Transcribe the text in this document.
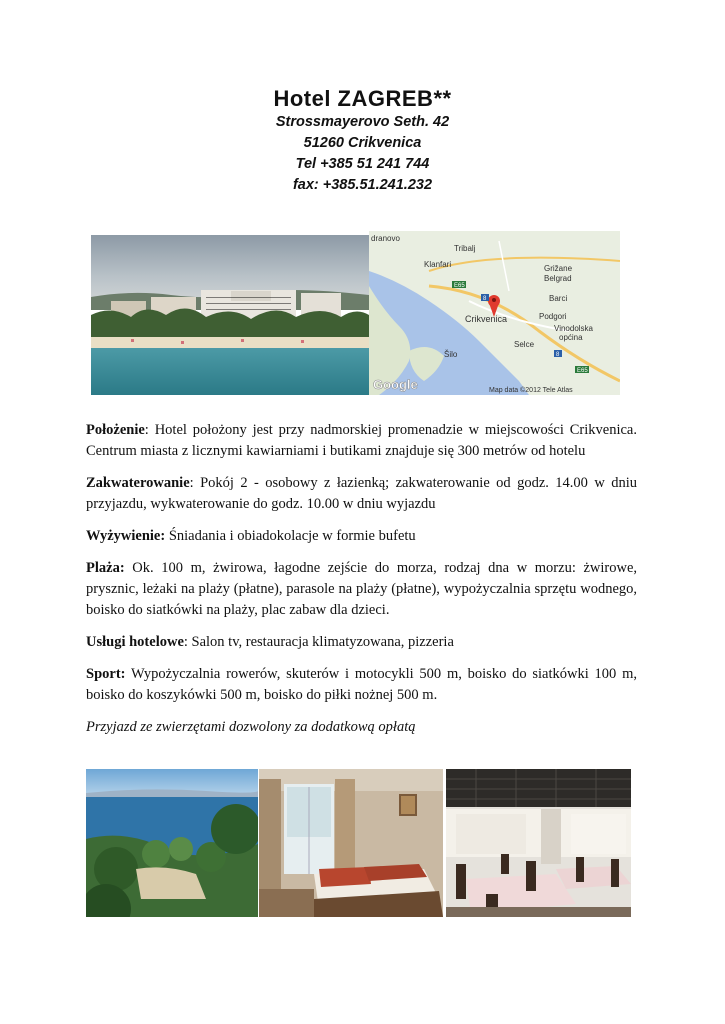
Hotel ZAGREB**
Strossmayerovo Seth. 42
51260 Crikvenica
Tel +385 51 241 744
fax: +385.51.241.232
dranovo
Tribalj
Klanfari	Grižane
Belgrad
Barci
Crikvenica	Podgori
Vinodolska
općina
Selce
Šilo
E65
8
8
E65
Google	Map data ©2012 Tele Atlas

Położenie: Hotel położony jest przy nadmorskiej promenadzie w miejscowości Crikvenica. Centrum miasta z licznymi kawiarniami i butikami znajduje się 300 metrów od hotelu

Zakwaterowanie: Pokój 2 - osobowy z łazienką; zakwaterowanie od godz. 14.00 w dniu przyjazdu, wykwaterowanie do godz. 10.00 w dniu wyjazdu

Wyżywienie: Śniadania i obiadokolacje w formie bufetu

Plaża: Ok. 100 m, żwirowa, łagodne zejście do morza, rodzaj dna w morzu: żwirowe, prysznic, leżaki na plaży (płatne), parasole na plaży (płatne), wypożyczalnia sprzętu wodnego, boisko do siatkówki na plaży, plac zabaw dla dzieci.

Usługi hotelowe: Salon tv, restauracja klimatyzowana, pizzeria

Sport: Wypożyczalnia rowerów, skuterów i motocykli 500 m, boisko do siatkówki 100 m, boisko do koszykówki 500 m, boisko do piłki nożnej 500 m.

Przyjazd ze zwierzętami dozwolony za dodatkową opłatą
